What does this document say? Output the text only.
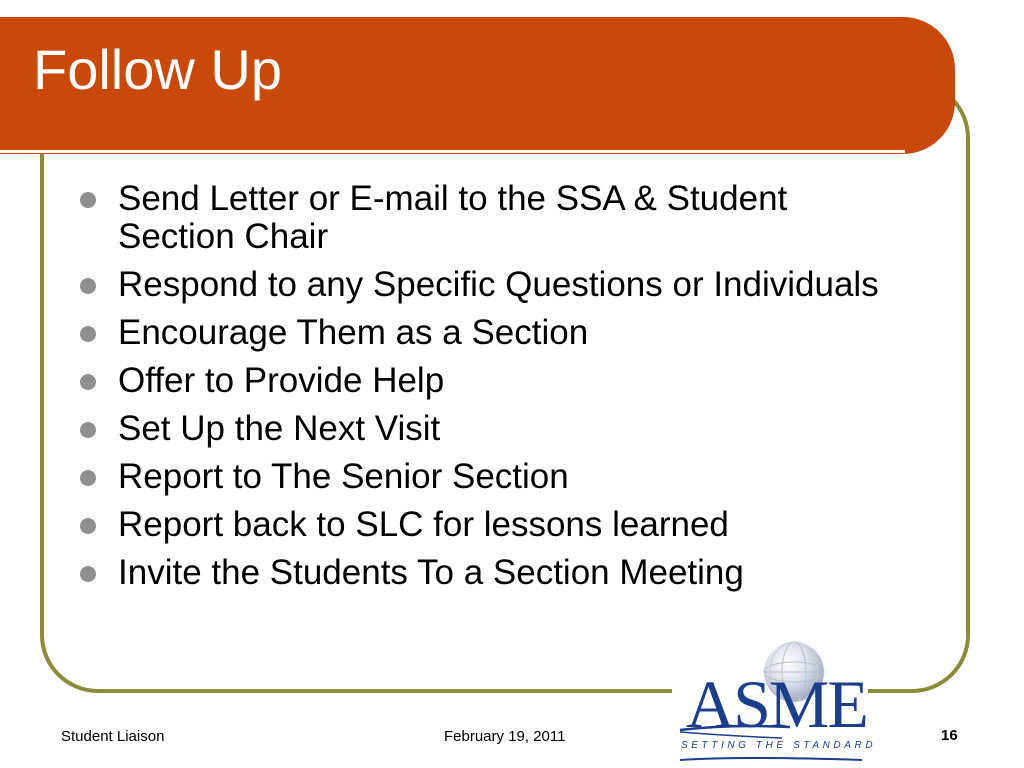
Follow Up
Send Letter or E-mail to the SSA & Student Section Chair
Respond to any Specific Questions or Individuals
Encourage Them as a Section
Offer to Provide Help
Set Up the Next Visit
Report to The Senior Section
Report back to SLC for lessons learned
Invite the Students To a Section Meeting
Student Liaison	February 19, 2011	16
ASME
SETTING THE STANDARD
